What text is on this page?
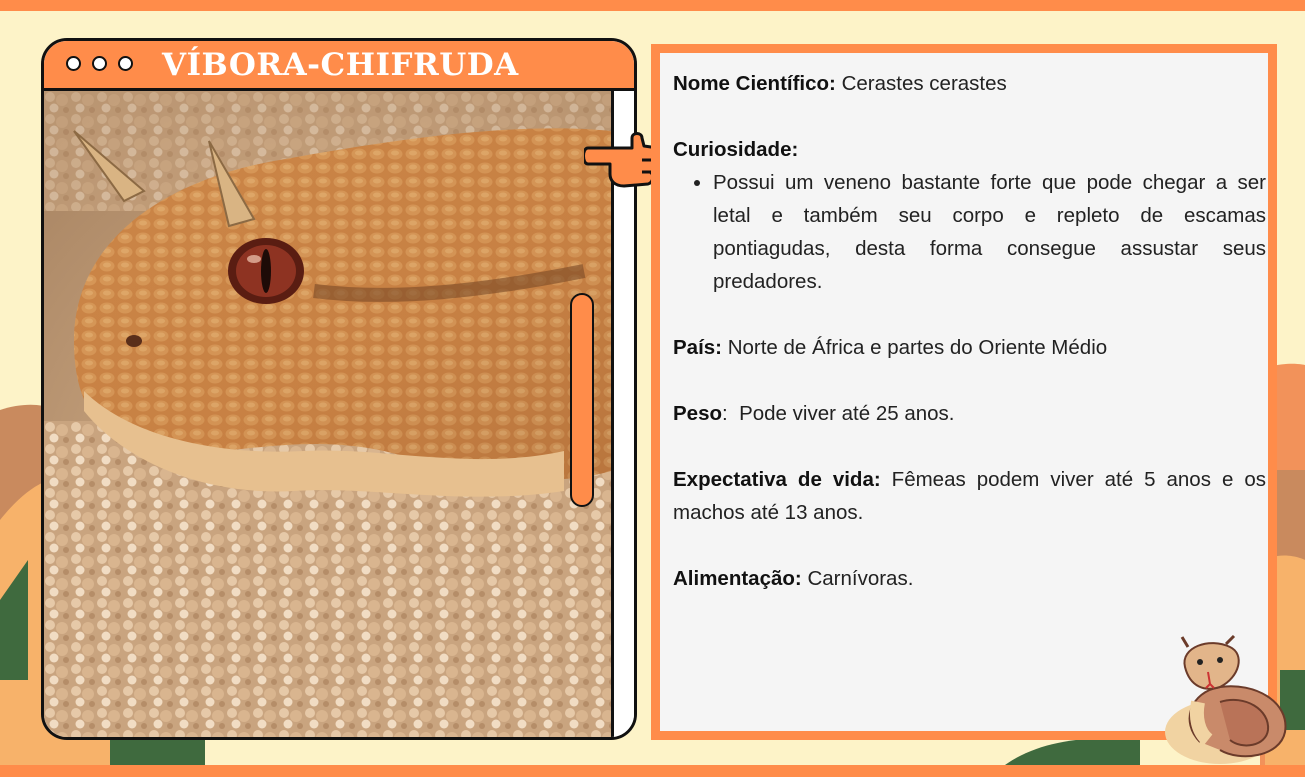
VÍBORA-CHIFRUDA

Nome Científico: Cerastes cerastes

Curiosidade:

• Possui um veneno bastante forte que pode chegar a ser letal e também seu corpo e repleto de escamas pontiagudas, desta forma consegue assustar seus predadores.

País: Norte de África e partes do Oriente Médio

Peso:  Pode viver até 25 anos.

Expectativa de vida: Fêmeas podem viver até 5 anos e os machos até 13 anos.

Alimentação: Carnívoras.
